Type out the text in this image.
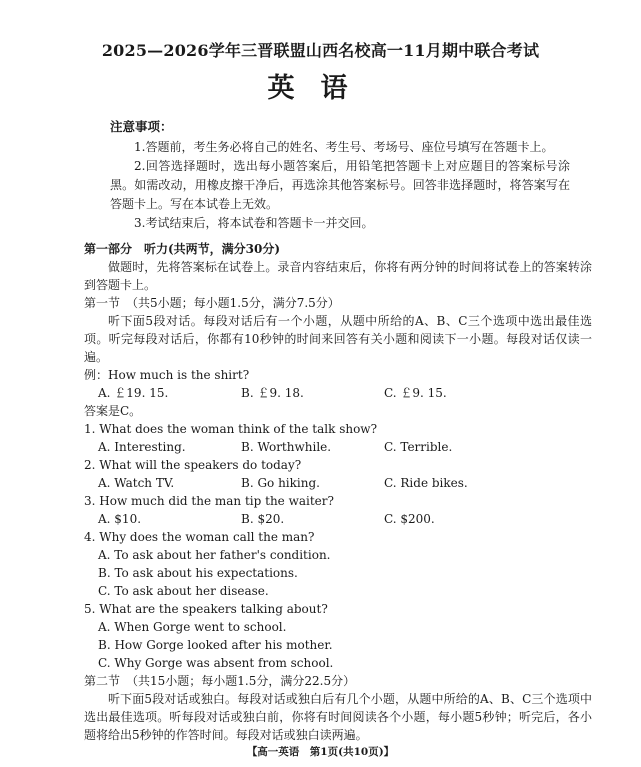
2025—2026学年三晋联盟山西名校高一11月期中联合考试
英语
注意事项：

1.答题前，考生务必将自己的姓名、考生号、考场号、座位号填写在答题卡上。

2.回答选择题时，选出每小题答案后，用铅笔把答题卡上对应题目的答案标号涂黑。如需改动，用橡皮擦干净后，再选涂其他答案标号。回答非选择题时，将答案写在答题卡上。写在本试卷上无效。

3.考试结束后，将本试卷和答题卡一并交回。

第一部分　听力(共两节，满分30分)

做题时，先将答案标在试卷上。录音内容结束后，你将有两分钟的时间将试卷上的答案转涂到答题卡上。

第一节　（共5小题；每小题1.5分，满分7.5分）

听下面5段对话。每段对话后有一个小题，从题中所给的A、B、C三个选项中选出最佳选项。听完每段对话后，你都有10秒钟的时间来回答有关小题和阅读下一小题。每段对话仅读一遍。

例：How much is the shirt?

A. ￡19. 15.	B. ￡9. 18.	C. ￡9. 15.

答案是C。

1. What does the woman think of the talk show?

A. Interesting.	B. Worthwhile.	C. Terrible.

2. What will the speakers do today?

A. Watch TV.	B. Go hiking.	C. Ride bikes.

3. How much did the man tip the waiter?

A. $10.	B. $20.	C. $200.

4. Why does the woman call the man?

A. To ask about her father's condition.

B. To ask about his expectations.

C. To ask about her disease.

5. What are the speakers talking about?

A. When Gorge went to school.

B. How Gorge looked after his mother.

C. Why Gorge was absent from school.

第二节　（共15小题；每小题1.5分，满分22.5分）

听下面5段对话或独白。每段对话或独白后有几个小题，从题中所给的A、B、C三个选项中选出最佳选项。听每段对话或独白前，你将有时间阅读各个小题，每小题5秒钟；听完后，各小题将给出5秒钟的作答时间。每段对话或独白读两遍。

【高一英语　第1页(共10页)】
